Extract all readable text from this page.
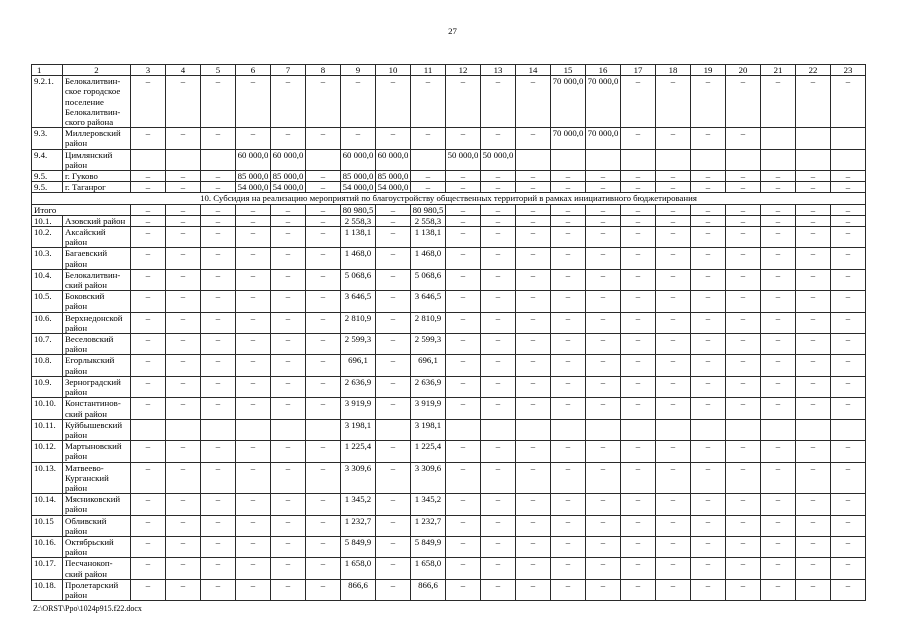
27
1	2	3	4	5	6	7	8	9	10	11	12	13	14	15	16	17	18	19	20	21	22	23
9.2.1.	Белокалитвин-
ское городское
поселение
Белокалитвин-
ского района	–	–	–	–	–	–	–	–	–	–	–	–	70 000,0	70 000,0	–	–	–	–	–	–	–
9.3.	Миллеровский
район	–	–	–	–	–	–	–	–	–	–	–	–	70 000,0	70 000,0	–	–	–	–			
9.4.	Цимлянский
район				60 000,0	60 000,0		60 000,0	60 000,0		50 000,0	50 000,0										
9.5.	г. Гуково	–	–	–	85 000,0	85 000,0	–	85 000,0	85 000,0	–	–	–	–	–	–	–	–	–	–	–	–	–
9.5.	г. Таганрог	–	–	–	54 000,0	54 000,0	–	54 000,0	54 000,0	–	–	–	–	–	–	–	–	–	–	–	–	–
10. Субсидия на реализацию мероприятий по благоустройству общественных территорий в рамках инициативного бюджетирования																						
Итого		–	–	–	–	–	–	80 980,5	–	80 980,5	–	–	–	–	–	–	–	–	–	–	–	–
10.1.	Азовский район	–	–	–	–	–	–	2 558,3	–	2 558,3	–	–	–	–	–	–	–	–	–	–	–	–
10.2.	Аксайский
район	–	–	–	–	–	–	1 138,1	–	1 138,1	–	–	–	–	–	–	–	–	–	–	–	–
10.3.	Багаевский
район	–	–	–	–	–	–	1 468,0	–	1 468,0	–	–	–	–	–	–	–	–	–	–	–	–
10.4.	Белокалитвин-
ский район	–	–	–	–	–	–	5 068,6	–	5 068,6	–	–	–	–	–	–	–	–	–	–	–	–
10.5.	Боковский
район	–	–	–	–	–	–	3 646,5	–	3 646,5	–	–	–	–	–	–	–	–	–	–	–	–
10.6.	Верхнедонской
район	–	–	–	–	–	–	2 810,9	–	2 810,9	–	–	–	–	–	–	–	–	–	–	–	–
10.7.	Веселовский
район	–	–	–	–	–	–	2 599,3	–	2 599,3	–	–	–	–	–	–	–	–	–	–	–	–
10.8.	Егорлыкский
район	–	–	–	–	–	–	696,1	–	696,1	–	–	–	–	–	–	–	–	–	–	–	–
10.9.	Зерноградский
район	–	–	–	–	–	–	2 636,9	–	2 636,9	–	–	–	–	–	–	–	–	–	–	–	–
10.10.	Константинов-
ский район	–	–	–	–	–	–	3 919,9	–	3 919,9	–	–	–	–	–	–	–	–	–	–	–	–
10.11.	Куйбышевский
район							3 198,1		3 198,1												
10.12.	Мартыновский
район	–	–	–	–	–	–	1 225,4	–	1 225,4	–	–	–	–	–	–	–	–	–	–	–	–
10.13.	Матвеево-
Курганский
район	–	–	–	–	–	–	3 309,6	–	3 309,6	–	–	–	–	–	–	–	–	–	–	–	–
10.14.	Мясниковский
район	–	–	–	–	–	–	1 345,2	–	1 345,2	–	–	–	–	–	–	–	–	–	–	–	–
10.15	Обливский
район	–	–	–	–	–	–	1 232,7	–	1 232,7	–	–	–	–	–	–	–	–	–	–	–	–
10.16.	Октябрьский
район	–	–	–	–	–	–	5 849,9	–	5 849,9	–	–	–	–	–	–	–	–	–	–	–	–
10.17.	Песчанокоп-
ский район	–	–	–	–	–	–	1 658,0	–	1 658,0	–	–	–	–	–	–	–	–	–	–	–	–
10.18.	Пролетарский
район	–	–	–	–	–	–	866,6	–	866,6	–	–	–	–	–	–	–	–	–	–	–	–
Z:\ORST\Ppo\1024p915.f22.docx
